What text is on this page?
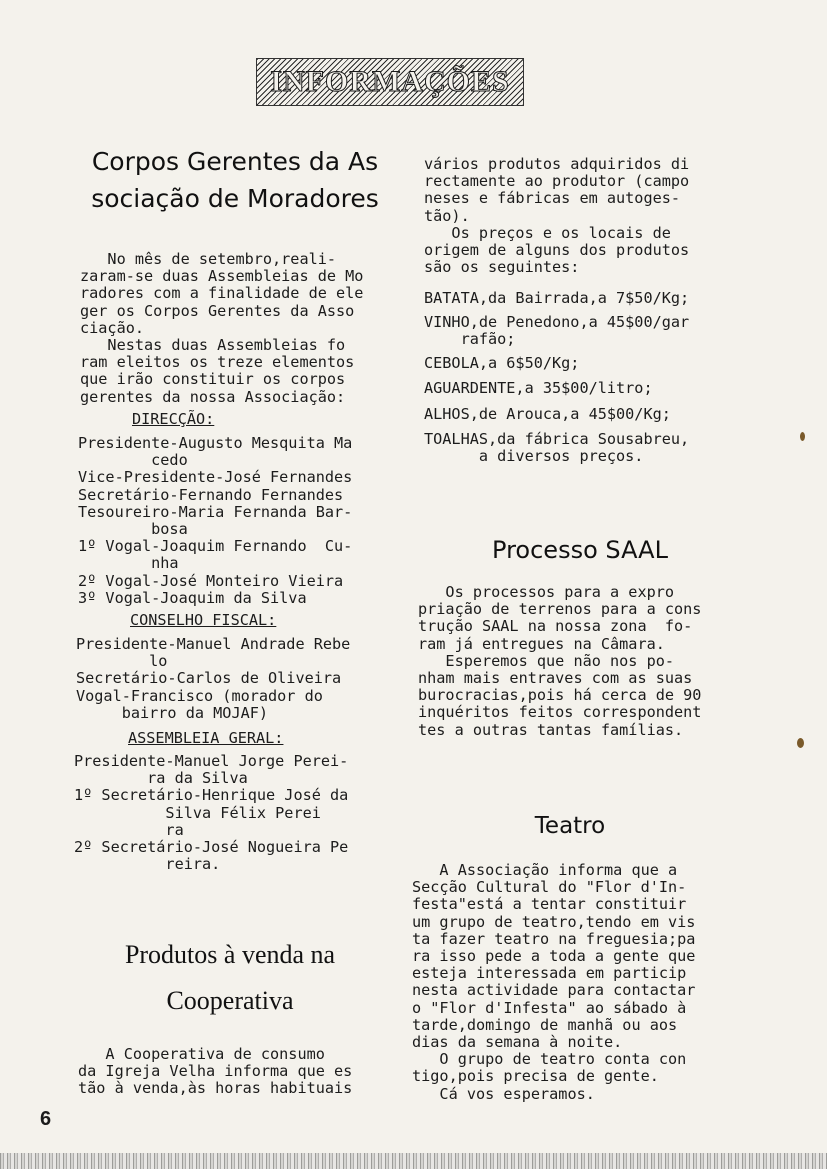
INFORMAÇÕES
Corpos Gerentes da As
sociação de Moradores
No mês de setembro,reali-
zaram-se duas Assembleias de Mo
radores com a finalidade de ele
ger os Corpos Gerentes da Asso
ciação.
Nestas duas Assembleias fo
ram eleitos os treze elementos
que irão constituir os corpos
gerentes da nossa Associação:
DIRECÇÃO:
Presidente-Augusto Mesquita Ma
cedo
Vice-Presidente-José Fernandes
Secretário-Fernando Fernandes
Tesoureiro-Maria Fernanda Bar-
bosa
1º Vogal-Joaquim Fernando  Cu-
nha
2º Vogal-José Monteiro Vieira
3º Vogal-Joaquim da Silva
CONSELHO FISCAL:
Presidente-Manuel Andrade Rebe
lo
Secretário-Carlos de Oliveira
Vogal-Francisco (morador do
bairro da MOJAF)
ASSEMBLEIA GERAL:
Presidente-Manuel Jorge Perei-
ra da Silva
1º Secretário-Henrique José da
Silva Félix Perei
ra
2º Secretário-José Nogueira Pe
reira.
Produtos à venda na
Cooperativa
A Cooperativa de consumo
da Igreja Velha informa que es
tão à venda,às horas habituais
vários produtos adquiridos di
rectamente ao produtor (campo
neses e fábricas em autoges-
tão).
Os preços e os locais de
origem de alguns dos produtos
são os seguintes:
BATATA,da Bairrada,a 7$50/Kg;
VINHO,de Penedono,a 45$00/gar
rafão;
CEBOLA,a 6$50/Kg;
AGUARDENTE,a 35$00/litro;
ALHOS,de Arouca,a 45$00/Kg;
TOALHAS,da fábrica Sousabreu,
a diversos preços.
Processo SAAL
Os processos para a expro
priação de terrenos para a cons
trução SAAL na nossa zona  fo-
ram já entregues na Câmara.
Esperemos que não nos po-
nham mais entraves com as suas
burocracias,pois há cerca de 90
inquéritos feitos correspondent
tes a outras tantas famílias.
Teatro
A Associação informa que a
Secção Cultural do "Flor d'In-
festa"está a tentar constituir
um grupo de teatro,tendo em vis
ta fazer teatro na freguesia;pa
ra isso pede a toda a gente que
esteja interessada em particip
nesta actividade para contactar
o "Flor d'Infesta" ao sábado à
tarde,domingo de manhã ou aos
dias da semana à noite.
O grupo de teatro conta con
tigo,pois precisa de gente.
Cá vos esperamos.
6
